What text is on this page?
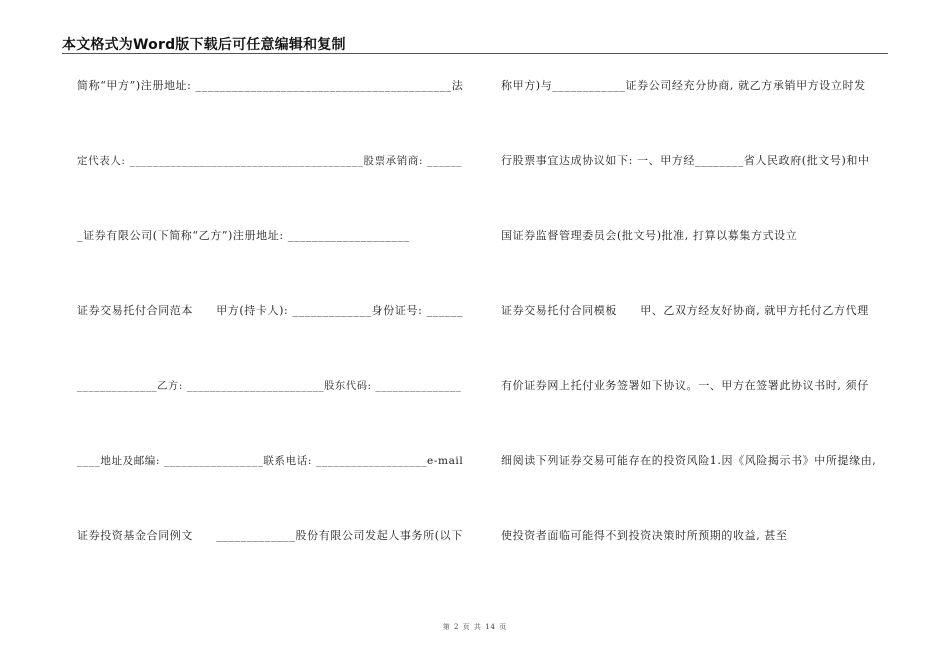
本文格式为Word版下载后可任意编辑和复制
简称“甲方”)注册地址: __________________________________________法
定代表人: ________________________________________股票承销商: ______
_证券有限公司(下简称“乙方”)注册地址: ____________________
证券交易托付合同范本　　甲方(持卡人): _____________身份证号: ______
______________乙方: ________________________股东代码: _______________
____地址及邮编: _________________联系电话: ___________________e-mail
证券投资基金合同例文　　_____________股份有限公司发起人事务所(以下
称甲方)与____________证券公司经充分协商, 就乙方承销甲方设立时发
行股票事宜达成协议如下: 一、甲方经________省人民政府(批文号)和中
国证券监督管理委员会(批文号)批准, 打算以募集方式设立
证券交易托付合同模板　　甲、乙双方经友好协商, 就甲方托付乙方代理
有价证券网上托付业务签署如下协议。一、甲方在签署此协议书时, 须仔
细阅读下列证券交易可能存在的投资风险1.因《风险揭示书》中所提缘由,
使投资者面临可能得不到投资决策时所预期的收益, 甚至
第 2 页 共 14 页
